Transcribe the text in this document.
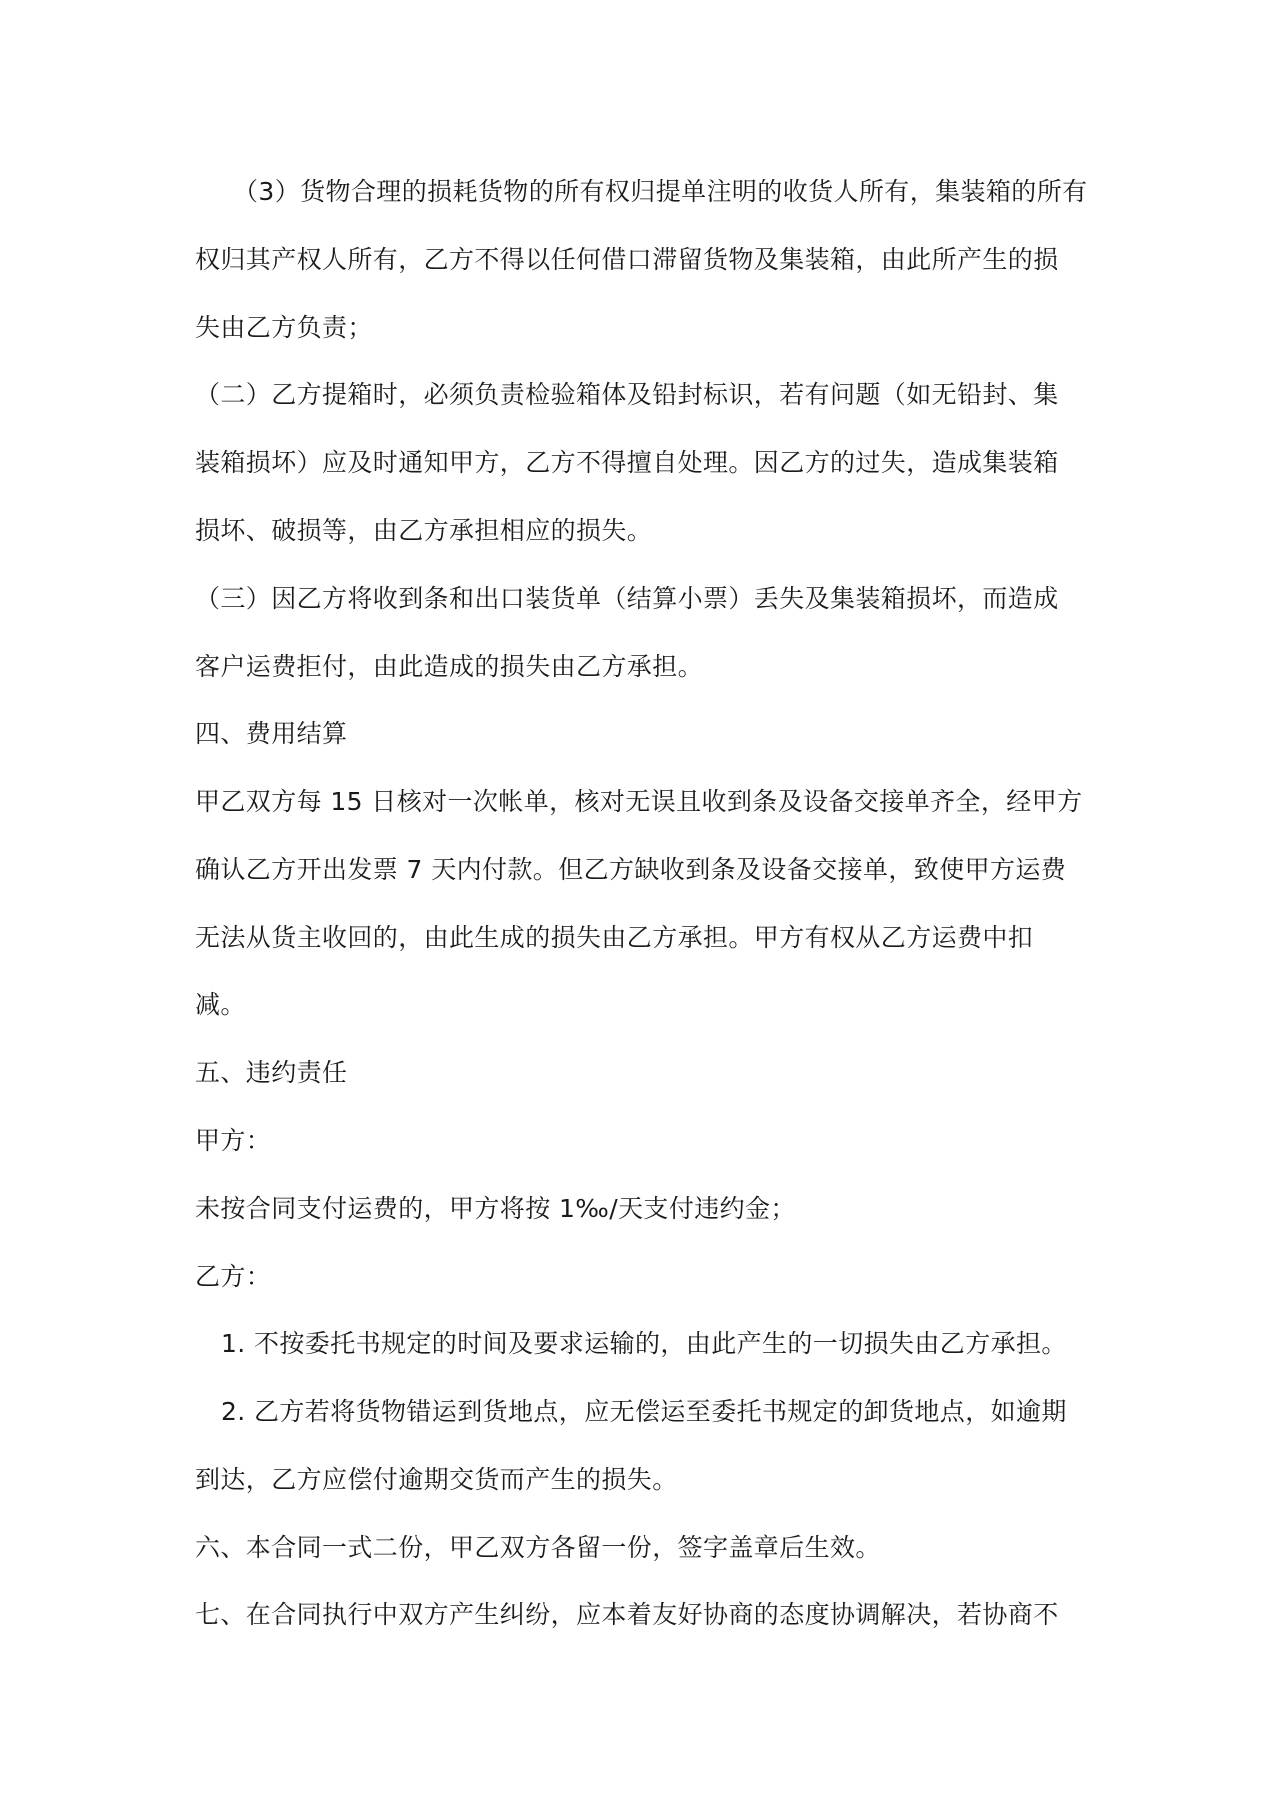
（3）货物合理的损耗货物的所有权归提单注明的收货人所有，集装箱的所有
权归其产权人所有，乙方不得以任何借口滞留货物及集装箱，由此所产生的损
失由乙方负责；
（二）乙方提箱时，必须负责检验箱体及铅封标识，若有问题（如无铅封、集
装箱损坏）应及时通知甲方，乙方不得擅自处理。因乙方的过失，造成集装箱
损坏、破损等，由乙方承担相应的损失。
（三）因乙方将收到条和出口装货单（结算小票）丢失及集装箱损坏，而造成
客户运费拒付，由此造成的损失由乙方承担。
四、费用结算
甲乙双方每 15 日核对一次帐单，核对无误且收到条及设备交接单齐全，经甲方
确认乙方开出发票 7 天内付款。但乙方缺收到条及设备交接单，致使甲方运费
无法从货主收回的，由此生成的损失由乙方承担。甲方有权从乙方运费中扣
减。
五、违约责任
甲方：
未按合同支付运费的，甲方将按 1‰/天支付违约金；
乙方：
1. 不按委托书规定的时间及要求运输的，由此产生的一切损失由乙方承担。
2. 乙方若将货物错运到货地点，应无偿运至委托书规定的卸货地点，如逾期
到达，乙方应偿付逾期交货而产生的损失。
六、本合同一式二份，甲乙双方各留一份，签字盖章后生效。
七、在合同执行中双方产生纠纷，应本着友好协商的态度协调解决，若协商不
